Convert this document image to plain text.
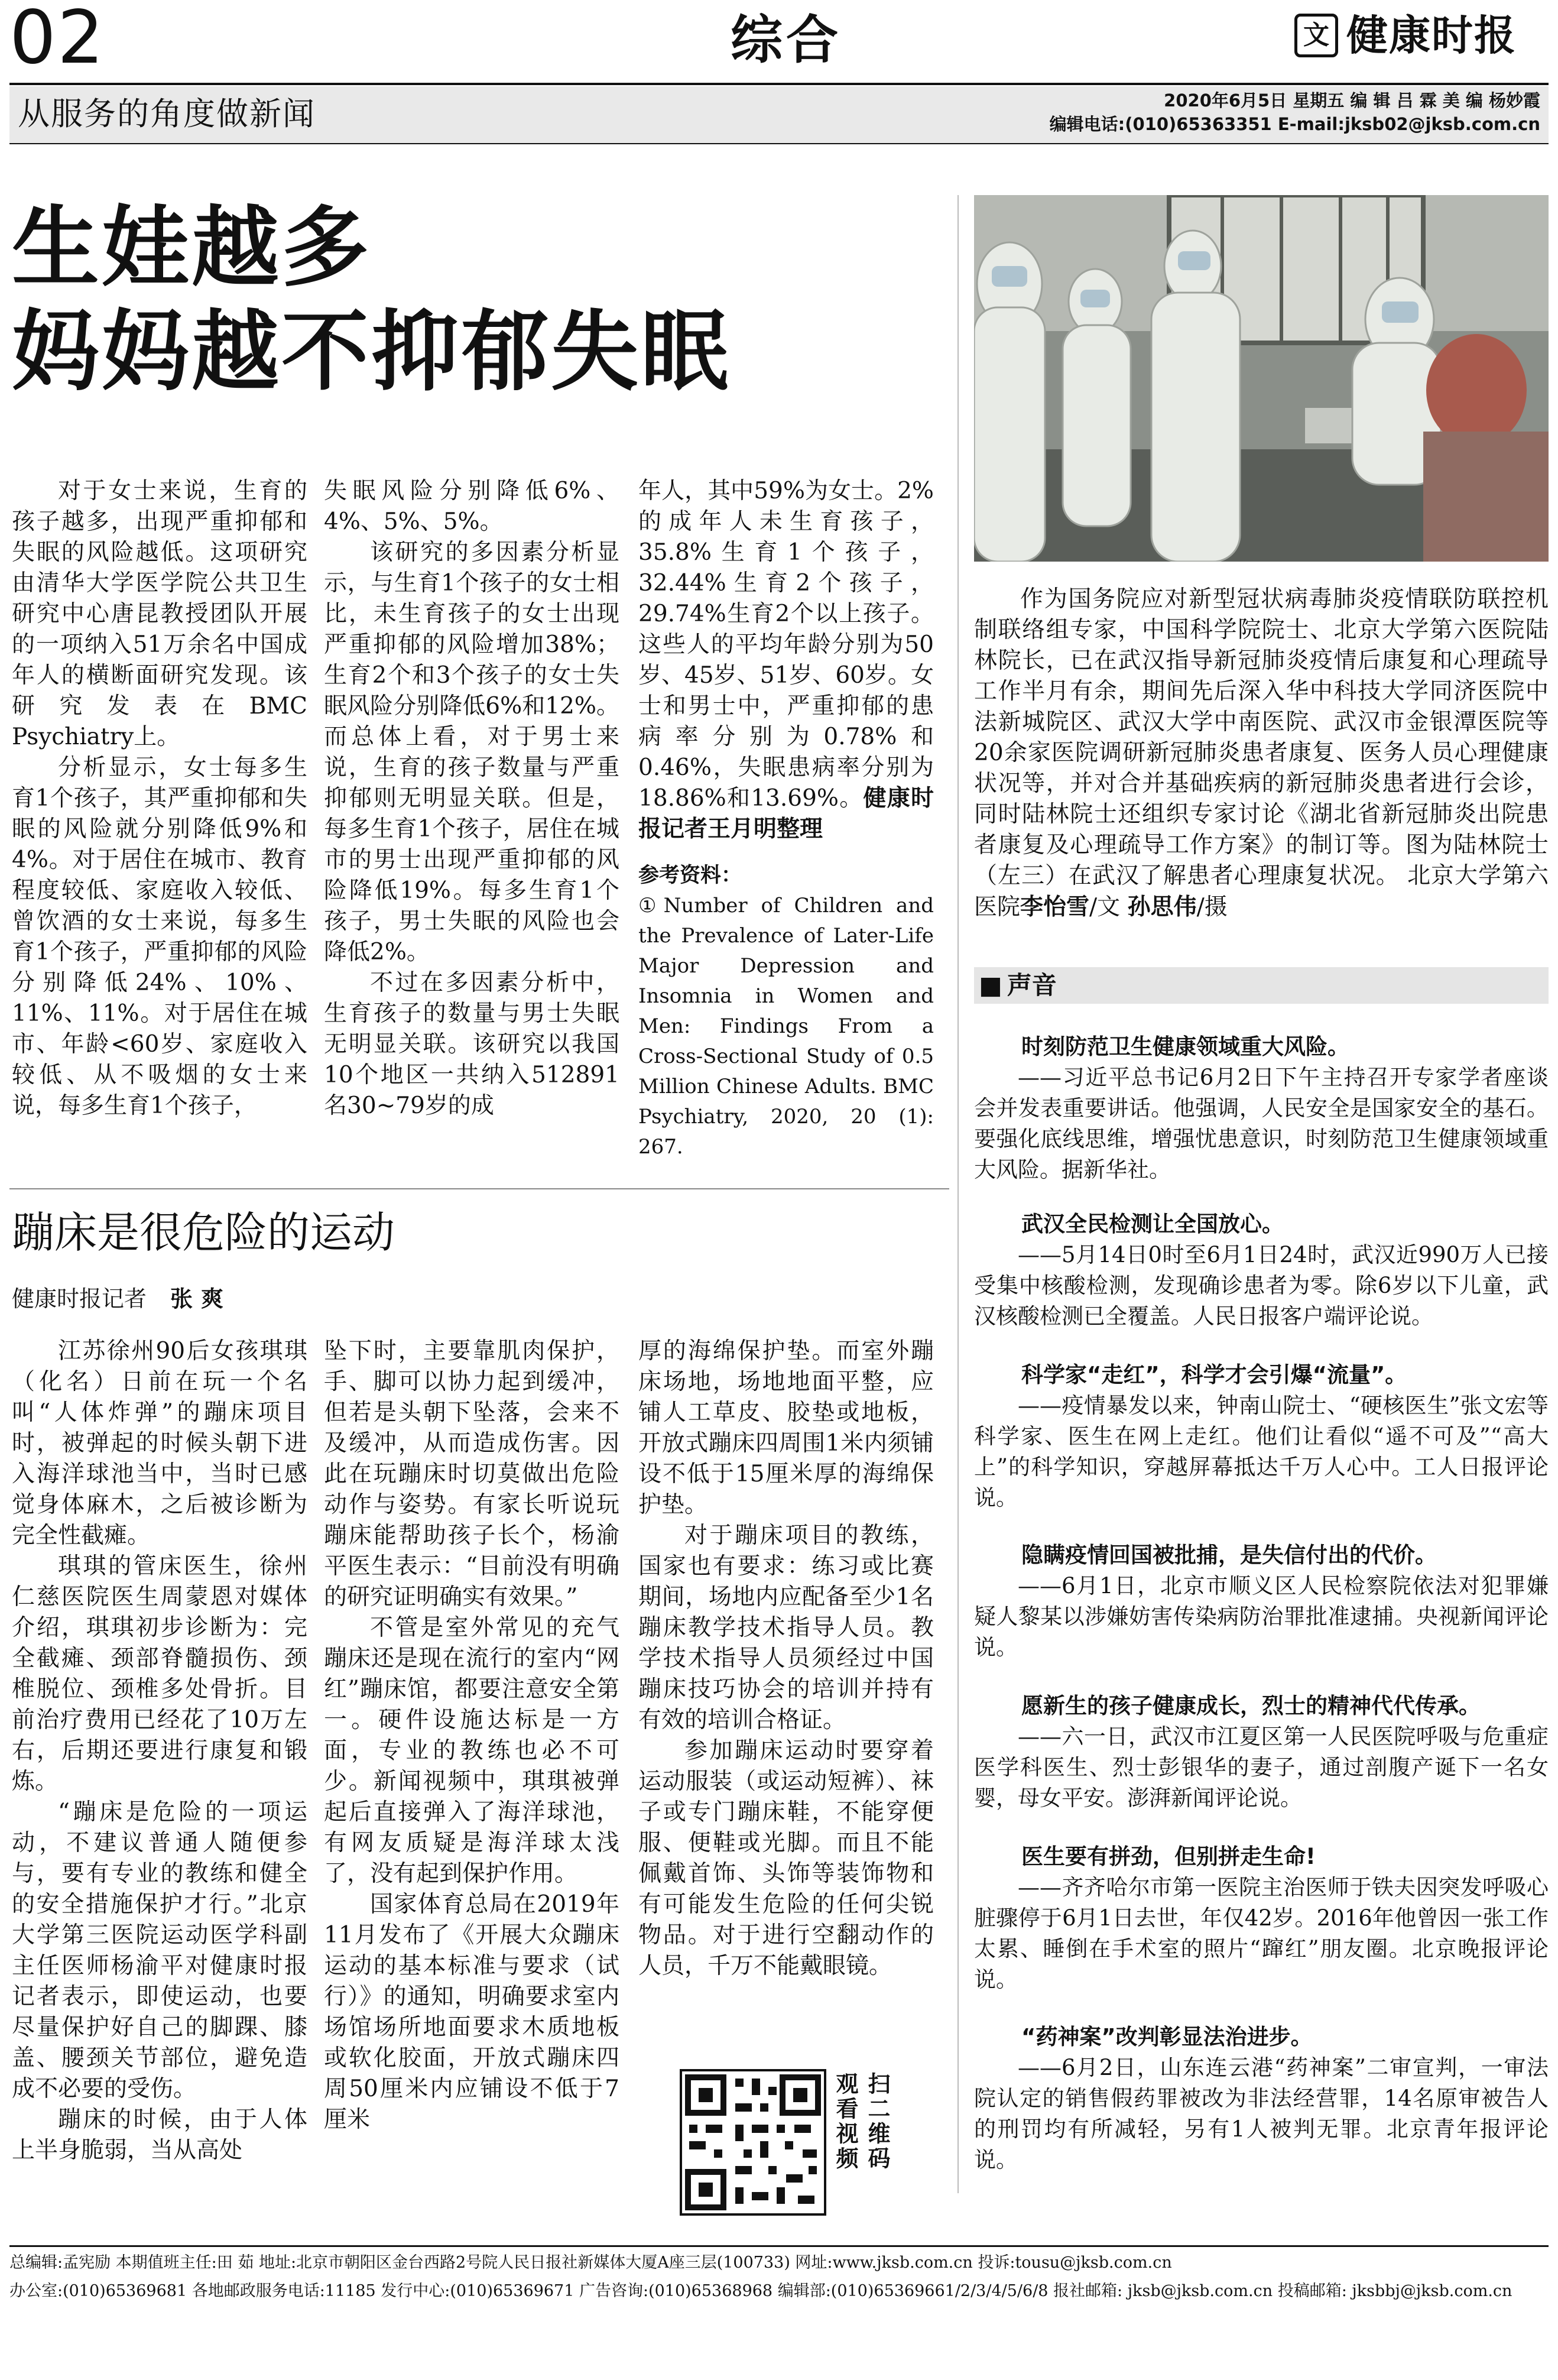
02	综合	文 健康时报
从服务的角度做新闻	2020年6月5日 星期五 编 辑 吕 霖 美 编 杨妙霞
编辑电话:(010)65363351 E-mail:jksb02@jksb.com.cn
生娃越多
妈妈越不抑郁失眠

对于女士来说，生育的孩子越多，出现严重抑郁和失眠的风险越低。这项研究由清华大学医学院公共卫生研究中心唐昆教授团队开展的一项纳入51万余名中国成年人的横断面研究发现。该研究发表在BMC Psychiatry上。

分析显示，女士每多生育1个孩子，其严重抑郁和失眠的风险就分别降低9%和4%。对于居住在城市、教育程度较低、家庭收入较低、曾饮酒的女士来说，每多生育1个孩子，严重抑郁的风险分别降低24%、10%、11%、11%。对于居住在城市、年龄<60岁、家庭收入较低、从不吸烟的女士来说，每多生育1个孩子，

失眠风险分别降低6%、4%、5%、5%。

该研究的多因素分析显示，与生育1个孩子的女士相比，未生育孩子的女士出现严重抑郁的风险增加38%；生育2个和3个孩子的女士失眠风险分别降低6%和12%。而总体上看，对于男士来说，生育的孩子数量与严重抑郁则无明显关联。但是，每多生育1个孩子，居住在城市的男士出现严重抑郁的风险降低19%。每多生育1个孩子，男士失眠的风险也会降低2%。

不过在多因素分析中，生育孩子的数量与男士失眠无明显关联。该研究以我国10个地区一共纳入512891名30~79岁的成

年人，其中59%为女士。2%的成年人未生育孩子，35.8%生育1个孩子，32.44%生育2个孩子，29.74%生育2个以上孩子。这些人的平均年龄分别为50岁、45岁、51岁、60岁。女士和男士中，严重抑郁的患病率分别为0.78%和0.46%，失眠患病率分别为18.86%和13.69%。健康时报记者王月明整理

参考资料：

①Number of Children and the Prevalence of Later-Life Major Depression and Insomnia in Women and Men: Findings From a Cross-Sectional Study of 0.5 Million Chinese Adults. BMC Psychiatry, 2020, 20 (1): 267.

作为国务院应对新型冠状病毒肺炎疫情联防联控机制联络组专家，中国科学院院士、北京大学第六医院陆林院长，已在武汉指导新冠肺炎疫情后康复和心理疏导工作半月有余，期间先后深入华中科技大学同济医院中法新城院区、武汉大学中南医院、武汉市金银潭医院等20余家医院调研新冠肺炎患者康复、医务人员心理健康状况等，并对合并基础疾病的新冠肺炎患者进行会诊，同时陆林院士还组织专家讨论《湖北省新冠肺炎出院患者康复及心理疏导工作方案》的制订等。图为陆林院士（左三）在武汉了解患者心理康复状况。 北京大学第六医院李怡雪/文 孙思伟/摄
■ 声音
时刻防范卫生健康领域重大风险。

——习近平总书记6月2日下午主持召开专家学者座谈会并发表重要讲话。他强调，人民安全是国家安全的基石。要强化底线思维，增强忧患意识，时刻防范卫生健康领域重大风险。据新华社。

武汉全民检测让全国放心。

——5月14日0时至6月1日24时，武汉近990万人已接受集中核酸检测，发现确诊患者为零。除6岁以下儿童，武汉核酸检测已全覆盖。人民日报客户端评论说。

科学家“走红”，科学才会引爆“流量”。

——疫情暴发以来，钟南山院士、“硬核医生”张文宏等科学家、医生在网上走红。他们让看似“遥不可及”“高大上”的科学知识，穿越屏幕抵达千万人心中。工人日报评论说。

隐瞒疫情回国被批捕，是失信付出的代价。

——6月1日，北京市顺义区人民检察院依法对犯罪嫌疑人黎某以涉嫌妨害传染病防治罪批准逮捕。央视新闻评论说。

愿新生的孩子健康成长，烈士的精神代代传承。

——六一日，武汉市江夏区第一人民医院呼吸与危重症医学科医生、烈士彭银华的妻子，通过剖腹产诞下一名女婴，母女平安。澎湃新闻评论说。

医生要有拼劲，但别拼走生命!

——齐齐哈尔市第一医院主治医师于铁夫因突发呼吸心脏骤停于6月1日去世，年仅42岁。2016年他曾因一张工作太累、睡倒在手术室的照片“蹿红”朋友圈。北京晚报评论说。

“药神案”改判彰显法治进步。

——6月2日，山东连云港“药神案”二审宣判，一审法院认定的销售假药罪被改为非法经营罪，14名原审被告人的刑罚均有所减轻，另有1人被判无罪。北京青年报评论说。

蹦床是很危险的运动
健康时报记者 张爽

江苏徐州90后女孩琪琪（化名）日前在玩一个名叫“人体炸弹”的蹦床项目时，被弹起的时候头朝下进入海洋球池当中，当时已感觉身体麻木，之后被诊断为完全性截瘫。

琪琪的管床医生，徐州仁慈医院医生周蒙恩对媒体介绍，琪琪初步诊断为：完全截瘫、颈部脊髓损伤、颈椎脱位、颈椎多处骨折。目前治疗费用已经花了10万左右，后期还要进行康复和锻炼。

“蹦床是危险的一项运动，不建议普通人随便参与，要有专业的教练和健全的安全措施保护才行。”北京大学第三医院运动医学科副主任医师杨渝平对健康时报记者表示，即使运动，也要尽量保护好自己的脚踝、膝盖、腰颈关节部位，避免造成不必要的受伤。

蹦床的时候，由于人体上半身脆弱，当从高处

坠下时，主要靠肌肉保护，手、脚可以协力起到缓冲，但若是头朝下坠落，会来不及缓冲，从而造成伤害。因此在玩蹦床时切莫做出危险动作与姿势。有家长听说玩蹦床能帮助孩子长个，杨渝平医生表示：“目前没有明确的研究证明确实有效果。”

不管是室外常见的充气蹦床还是现在流行的室内“网红”蹦床馆，都要注意安全第一。硬件设施达标是一方面，专业的教练也必不可少。新闻视频中，琪琪被弹起后直接弹入了海洋球池，有网友质疑是海洋球太浅了，没有起到保护作用。

国家体育总局在2019年11月发布了《开展大众蹦床运动的基本标准与要求（试行）》的通知，明确要求室内场馆场所地面要求木质地板或软化胶面，开放式蹦床四周50厘米内应铺设不低于7厘米

厚的海绵保护垫。而室外蹦床场地，场地地面平整，应铺人工草皮、胶垫或地板，开放式蹦床四周围1米内须铺设不低于15厘米厚的海绵保护垫。

对于蹦床项目的教练，国家也有要求：练习或比赛期间，场地内应配备至少1名蹦床教学技术指导人员。教学技术指导人员须经过中国蹦床技巧协会的培训并持有有效的培训合格证。

参加蹦床运动时要穿着运动服装（或运动短裤）、袜子或专门蹦床鞋，不能穿便服、便鞋或光脚。而且不能佩戴首饰、头饰等装饰物和有可能发生危险的任何尖锐物品。对于进行空翻动作的人员，千万不能戴眼镜。

观看视频 扫二维码
总编辑:孟宪励 本期值班主任:田 茹 地址:北京市朝阳区金台西路2号院人民日报社新媒体大厦A座三层(100733) 网址:www.jksb.com.cn 投诉:tousu@jksb.com.cn
办公室:(010)65369681 各地邮政服务电话:11185 发行中心:(010)65369671 广告咨询:(010)65368968 编辑部:(010)65369661/2/3/4/5/6/8 报社邮箱: jksb@jksb.com.cn 投稿邮箱: jksbbj@jksb.com.cn
